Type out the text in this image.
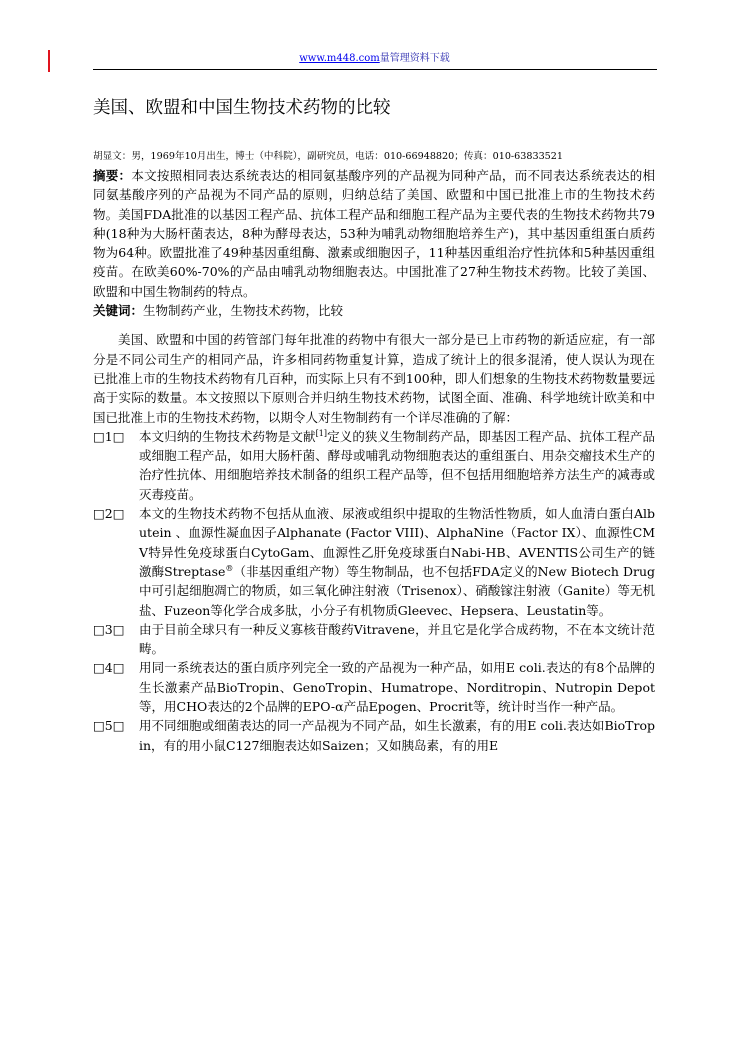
www.m448.com量管理资料下载
美国、欧盟和中国生物技术药物的比较
胡显文：男，1969年10月出生，博士（中科院），副研究员，电话：010-66948820；传真：010-63833521
摘要：本文按照相同表达系统表达的相同氨基酸序列的产品视为同种产品，而不同表达系统表达的相同氨基酸序列的产品视为不同产品的原则，归纳总结了美国、欧盟和中国已批准上市的生物技术药物。美国FDA批准的以基因工程产品、抗体工程产品和细胞工程产品为主要代表的生物技术药物共79种(18种为大肠杆菌表达，8种为酵母表达，53种为哺乳动物细胞培养生产)，其中基因重组蛋白质药物为64种。欧盟批准了49种基因重组酶、激素或细胞因子，11种基因重组治疗性抗体和5种基因重组疫苗。在欧美60%-70%的产品由哺乳动物细胞表达。中国批准了27种生物技术药物。比较了美国、欧盟和中国生物制药的特点。
关键词：生物制药产业，生物技术药物，比较
美国、欧盟和中国的药管部门每年批准的药物中有很大一部分是已上市药物的新适应症，有一部分是不同公司生产的相同产品，许多相同药物重复计算，造成了统计上的很多混淆，使人误认为现在已批准上市的生物技术药物有几百种，而实际上只有不到100种，即人们想象的生物技术药物数量要远高于实际的数量。本文按照以下原则合并归纳生物技术药物，试图全面、准确、科学地统计欧美和中国已批准上市的生物技术药物，以期令人对生物制药有一个详尽准确的了解：
□1□	本文归纳的生物技术药物是文献[1]定义的狭义生物制药产品，即基因工程产品、抗体工程产品或细胞工程产品，如用大肠杆菌、酵母或哺乳动物细胞表达的重组蛋白、用杂交瘤技术生产的治疗性抗体、用细胞培养技术制备的组织工程产品等，但不包括用细胞培养方法生产的减毒或灭毒疫苗。
□2□	本文的生物技术药物不包括从血液、尿液或组织中提取的生物活性物质，如人血清白蛋白Albutein 、血源性凝血因子Alphanate (Factor VIII)、AlphaNine（Factor IX）、血源性CMV特异性免疫球蛋白CytoGam、血源性乙肝免疫球蛋白Nabi-HB、AVENTIS公司生产的链激酶Streptase®（非基因重组产物）等生物制品，也不包括FDA定义的New Biotech Drug中可引起细胞凋亡的物质，如三氧化砷注射液（Trisenox）、硝酸镓注射液（Ganite）等无机盐、Fuzeon等化学合成多肽，小分子有机物质Gleevec、Hepsera、Leustatin等。
□3□	由于目前全球只有一种反义寡核苷酸药Vitravene，并且它是化学合成药物，不在本文统计范畴。
□4□	用同一系统表达的蛋白质序列完全一致的产品视为一种产品，如用E coli.表达的有8个品牌的生长激素产品BioTropin、GenoTropin、Humatrope、Norditropin、Nutropin Depot等，用CHO表达的2个品牌的EPO-α产品Epogen、Procrit等，统计时当作一种产品。
□5□	用不同细胞或细菌表达的同一产品视为不同产品，如生长激素，有的用E coli.表达如BioTropin，有的用小鼠C127细胞表达如Saizen；又如胰岛素，有的用E
